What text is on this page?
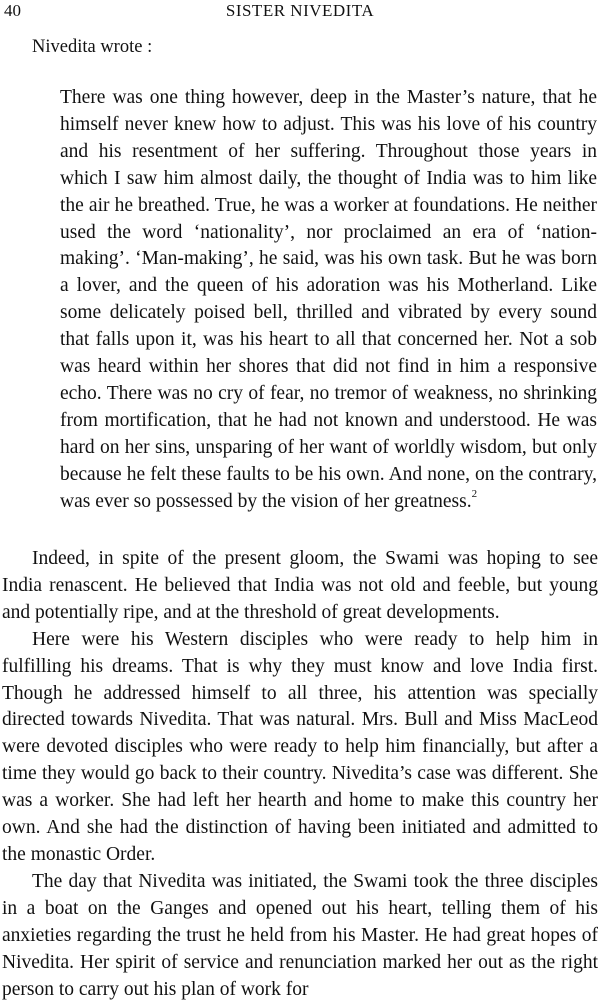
40	SISTER NIVEDITA

Nivedita wrote :

There was one thing however, deep in the Master’s nature, that he himself never knew how to adjust. This was his love of his country and his resentment of her suffering. Throughout those years in which I saw him almost daily, the thought of India was to him like the air he breathed. True, he was a worker at foundations. He neither used the word ‘nationality’, nor proclaimed an era of ‘nation-making’. ‘Man-making’, he said, was his own task. But he was born a lover, and the queen of his adoration was his Motherland. Like some delicately poised bell, thrilled and vibrated by every sound that falls upon it, was his heart to all that concerned her. Not a sob was heard within her shores that did not find in him a responsive echo. There was no cry of fear, no tremor of weakness, no shrinking from mortification, that he had not known and understood. He was hard on her sins, unsparing of her want of worldly wisdom, but only because he felt these faults to be his own. And none, on the contrary, was ever so possessed by the vision of her greatness.$^2$

Indeed, in spite of the present gloom, the Swami was hoping to see India renascent. He believed that India was not old and feeble, but young and potentially ripe, and at the threshold of great developments.

Here were his Western disciples who were ready to help him in fulfilling his dreams. That is why they must know and love India first. Though he addressed himself to all three, his attention was specially directed towards Nivedita. That was natural. Mrs. Bull and Miss MacLeod were devoted disciples who were ready to help him financially, but after a time they would go back to their country. Nivedita’s case was different. She was a worker. She had left her hearth and home to make this country her own. And she had the distinction of having been initiated and admitted to the monastic Order.

The day that Nivedita was initiated, the Swami took the three disciples in a boat on the Ganges and opened out his heart, telling them of his anxieties regarding the trust he held from his Master. He had great hopes of Nivedita. Her spirit of service and renunciation marked her out as the right person to carry out his plan of work for
